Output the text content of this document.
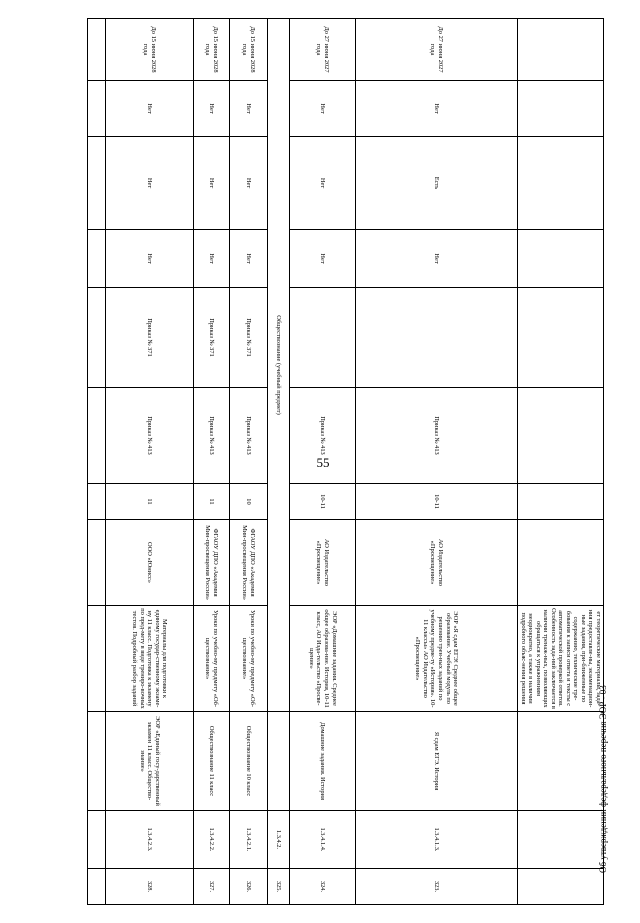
55
Об утверждении федерального перечня ЭОР - 03
								ет теоретические материалы, зада-ния предоставле-ны, экзаменацион-ные задания, при-ближенные по содержанию, технические тре-бования к записи ответа и тексты с автоматической проверкой ответов. Особенность зада-ний заключается в наличии тренаж-ных, позволяющих обращаться к упражнениям неоднократно, а также в наличии подробного объяс-нения решения			
До 27 июня 2027 года	Нет	Есть	Нет		Приказ № 413	10-11	АО Издательство «Просвещение»	ЭОР «Я сдам ЕГЭ! Среднее общее образование. Учебный модуль по решению трен-ных заданий по учебному предме-ту «История». 10-11 классы» АО Издательство «Просвещение»	Я сдам ЕГЭ. История	1.3.4.1.3.	323.
До 27 июня 2027 года	Нет	Нет	Нет		Приказ № 413	10-11	АО Издательство «Просвещение»	ЭОР «Домашние задания. Среднее общее образова-ние. История, 10-11 класс, АО Изда-тельство «Просве-щение»	Домашние задания. История	1.3.4.1.4.	324.
Обществознание (учебный предмет)										1.3.4.2.	325.
До 15 июня 2028 года	Нет	Нет	Нет	Приказ № 371	Приказ № 413	10	ФГАОУ ДПО «Академия Мин-просвещения России»	Уроки по учебно-му предмету «Об-ществознание»	Обществознание 10 класс	1.3.4.2.1.	326.
До 15 июня 2028 года	Нет	Нет	Нет	Приказ № 371	Приказ № 413	11	ФГАОУ ДПО «Академия Мин-просвещения России»	Уроки по учебно-му предмету «Об-ществознание»	Обществознание 11 класс	1.3.4.2.2.	327.
До 15 июня 2028 года	Нет	Нет	Нет	Приказ № 371	Приказ № 413	11	ООО «Юнисс»	Материалы для подготовки к единому государ-ственному экзаме-ну 11 класс. Подготовка к экзамену по пред-мету в виде трениро-вочных тестов. Подробный разбор заданий	ЭОР «Единый госу-дарственный экзамен 11 класс. Общество-знание»	1.3.4.2.3.	328.
